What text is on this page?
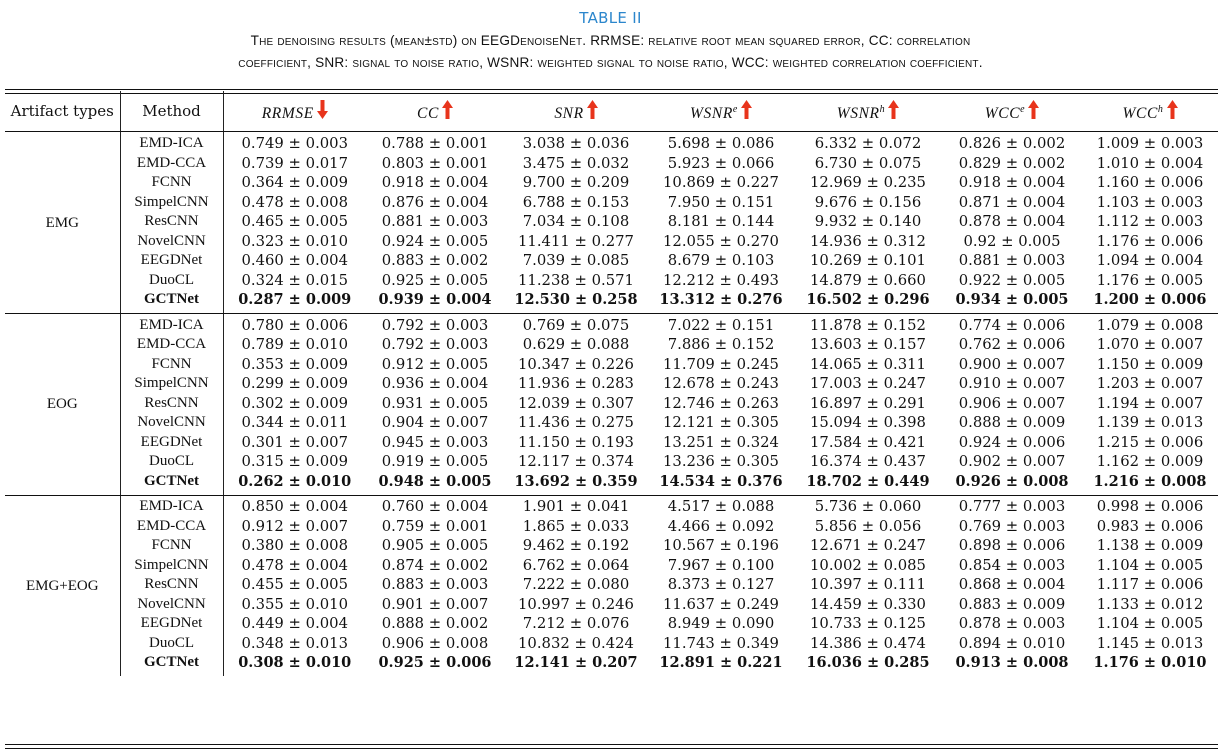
TABLE II
The denoising results (mean±std) on EEGDenoiseNet. RRMSE: relative root mean squared error, CC: correlation
coefficient, SNR: signal to noise ratio, WSNR: weighted signal to noise ratio, WCC: weighted correlation coefficient.
Artifact types	Method	RRMSE	CC	SNR	WSNR$^e$	WSNR$^h$	WCC$^e$	WCC$^h$
EMG	EMD-ICA	0.749 ± 0.003	0.788 ± 0.001	3.038 ± 0.036	5.698 ± 0.086	6.332 ± 0.072	0.826 ± 0.002	1.009 ± 0.003
	EMD-CCA	0.739 ± 0.017	0.803 ± 0.001	3.475 ± 0.032	5.923 ± 0.066	6.730 ± 0.075	0.829 ± 0.002	1.010 ± 0.004
	FCNN	0.364 ± 0.009	0.918 ± 0.004	9.700 ± 0.209	10.869 ± 0.227	12.969 ± 0.235	0.918 ± 0.004	1.160 ± 0.006
	SimpelCNN	0.478 ± 0.008	0.876 ± 0.004	6.788 ± 0.153	7.950 ± 0.151	9.676 ± 0.156	0.871 ± 0.004	1.103 ± 0.003
	ResCNN	0.465 ± 0.005	0.881 ± 0.003	7.034 ± 0.108	8.181 ± 0.144	9.932 ± 0.140	0.878 ± 0.004	1.112 ± 0.003
	NovelCNN	0.323 ± 0.010	0.924 ± 0.005	11.411 ± 0.277	12.055 ± 0.270	14.936 ± 0.312	0.92 ± 0.005	1.176 ± 0.006
	EEGDNet	0.460 ± 0.004	0.883 ± 0.002	7.039 ± 0.085	8.679 ± 0.103	10.269 ± 0.101	0.881 ± 0.003	1.094 ± 0.004
	DuoCL	0.324 ± 0.015	0.925 ± 0.005	11.238 ± 0.571	12.212 ± 0.493	14.879 ± 0.660	0.922 ± 0.005	1.176 ± 0.005
	GCTNet	0.287 ± 0.009	0.939 ± 0.004	12.530 ± 0.258	13.312 ± 0.276	16.502 ± 0.296	0.934 ± 0.005	1.200 ± 0.006
EOG	EMD-ICA	0.780 ± 0.006	0.792 ± 0.003	0.769 ± 0.075	7.022 ± 0.151	11.878 ± 0.152	0.774 ± 0.006	1.079 ± 0.008
	EMD-CCA	0.789 ± 0.010	0.792 ± 0.003	0.629 ± 0.088	7.886 ± 0.152	13.603 ± 0.157	0.762 ± 0.006	1.070 ± 0.007
	FCNN	0.353 ± 0.009	0.912 ± 0.005	10.347 ± 0.226	11.709 ± 0.245	14.065 ± 0.311	0.900 ± 0.007	1.150 ± 0.009
	SimpelCNN	0.299 ± 0.009	0.936 ± 0.004	11.936 ± 0.283	12.678 ± 0.243	17.003 ± 0.247	0.910 ± 0.007	1.203 ± 0.007
	ResCNN	0.302 ± 0.009	0.931 ± 0.005	12.039 ± 0.307	12.746 ± 0.263	16.897 ± 0.291	0.906 ± 0.007	1.194 ± 0.007
	NovelCNN	0.344 ± 0.011	0.904 ± 0.007	11.436 ± 0.275	12.121 ± 0.305	15.094 ± 0.398	0.888 ± 0.009	1.139 ± 0.013
	EEGDNet	0.301 ± 0.007	0.945 ± 0.003	11.150 ± 0.193	13.251 ± 0.324	17.584 ± 0.421	0.924 ± 0.006	1.215 ± 0.006
	DuoCL	0.315 ± 0.009	0.919 ± 0.005	12.117 ± 0.374	13.236 ± 0.305	16.374 ± 0.437	0.902 ± 0.007	1.162 ± 0.009
	GCTNet	0.262 ± 0.010	0.948 ± 0.005	13.692 ± 0.359	14.534 ± 0.376	18.702 ± 0.449	0.926 ± 0.008	1.216 ± 0.008
EMG+EOG	EMD-ICA	0.850 ± 0.004	0.760 ± 0.004	1.901 ± 0.041	4.517 ± 0.088	5.736 ± 0.060	0.777 ± 0.003	0.998 ± 0.006
	EMD-CCA	0.912 ± 0.007	0.759 ± 0.001	1.865 ± 0.033	4.466 ± 0.092	5.856 ± 0.056	0.769 ± 0.003	0.983 ± 0.006
	FCNN	0.380 ± 0.008	0.905 ± 0.005	9.462 ± 0.192	10.567 ± 0.196	12.671 ± 0.247	0.898 ± 0.006	1.138 ± 0.009
	SimpelCNN	0.478 ± 0.004	0.874 ± 0.002	6.762 ± 0.064	7.967 ± 0.100	10.002 ± 0.085	0.854 ± 0.003	1.104 ± 0.005
	ResCNN	0.455 ± 0.005	0.883 ± 0.003	7.222 ± 0.080	8.373 ± 0.127	10.397 ± 0.111	0.868 ± 0.004	1.117 ± 0.006
	NovelCNN	0.355 ± 0.010	0.901 ± 0.007	10.997 ± 0.246	11.637 ± 0.249	14.459 ± 0.330	0.883 ± 0.009	1.133 ± 0.012
	EEGDNet	0.449 ± 0.004	0.888 ± 0.002	7.212 ± 0.076	8.949 ± 0.090	10.733 ± 0.125	0.878 ± 0.003	1.104 ± 0.005
	DuoCL	0.348 ± 0.013	0.906 ± 0.008	10.832 ± 0.424	11.743 ± 0.349	14.386 ± 0.474	0.894 ± 0.010	1.145 ± 0.013
	GCTNet	0.308 ± 0.010	0.925 ± 0.006	12.141 ± 0.207	12.891 ± 0.221	16.036 ± 0.285	0.913 ± 0.008	1.176 ± 0.010
